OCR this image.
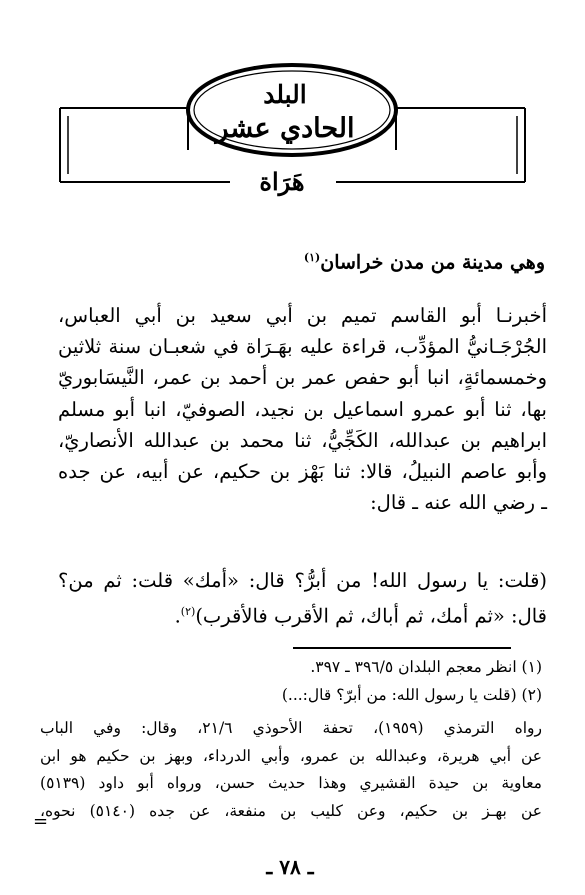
البلد
الحادي عشر
هَرَاة
وهي مدينة من مدن خراسان$^{(١)}$
أخبرنـا أبو القاسم تميم بن أبي سعيد بن أبي العباس،
الجُرْجَـانيُّ المؤدِّب، قراءة عليه بهَـرَاة في شعبـان سنة ثلاثين
وخمسمائةٍ، انبا أبو حفص عمر بن أحمد بن عمر، النَّيسَابوريّ
بها، ثنا أبو عمرو اسماعيل بن نجيد، الصوفيّ، انبا أبو مسلم
ابراهيم بن عبدالله، الكَجِّيُّ، ثنا محمد بن عبدالله الأنصاريّ،
وأبو عاصم النبيلُ، قالا: ثنا بَهْز بن حكيم، عن أبيه، عن جده
ـ رضي الله عنه ـ قال:
(قلت: يا رسول الله! من أبرُّ؟ قال: «أمك» قلت: ثم من؟
قال: «ثم أمك، ثم أباك، ثم الأقرب فالأقرب)$^{(٢)}$.
(١) انظر معجم البلدان ٣٩٦/٥ ـ ٣٩٧.
(٢) (قلت يا رسول الله: من أبرّ؟ قال:...)
رواه الترمذي (١٩٥٩)، تحفة الأحوذي ٢١/٦، وقال: وفي الباب
عن أبي هريرة، وعبدالله بن عمرو، وأبي الدرداء، وبهز بن حكيم هو ابن
معاوية بن حيدة القشيري وهذا حديث حسن، ورواه أبو داود (٥١٣٩)
عن بهـز بن حكيم، وعن كليب بن منفعة، عن جده (٥١٤٠) نحوه،
=
ـ ٧٨ ـ
